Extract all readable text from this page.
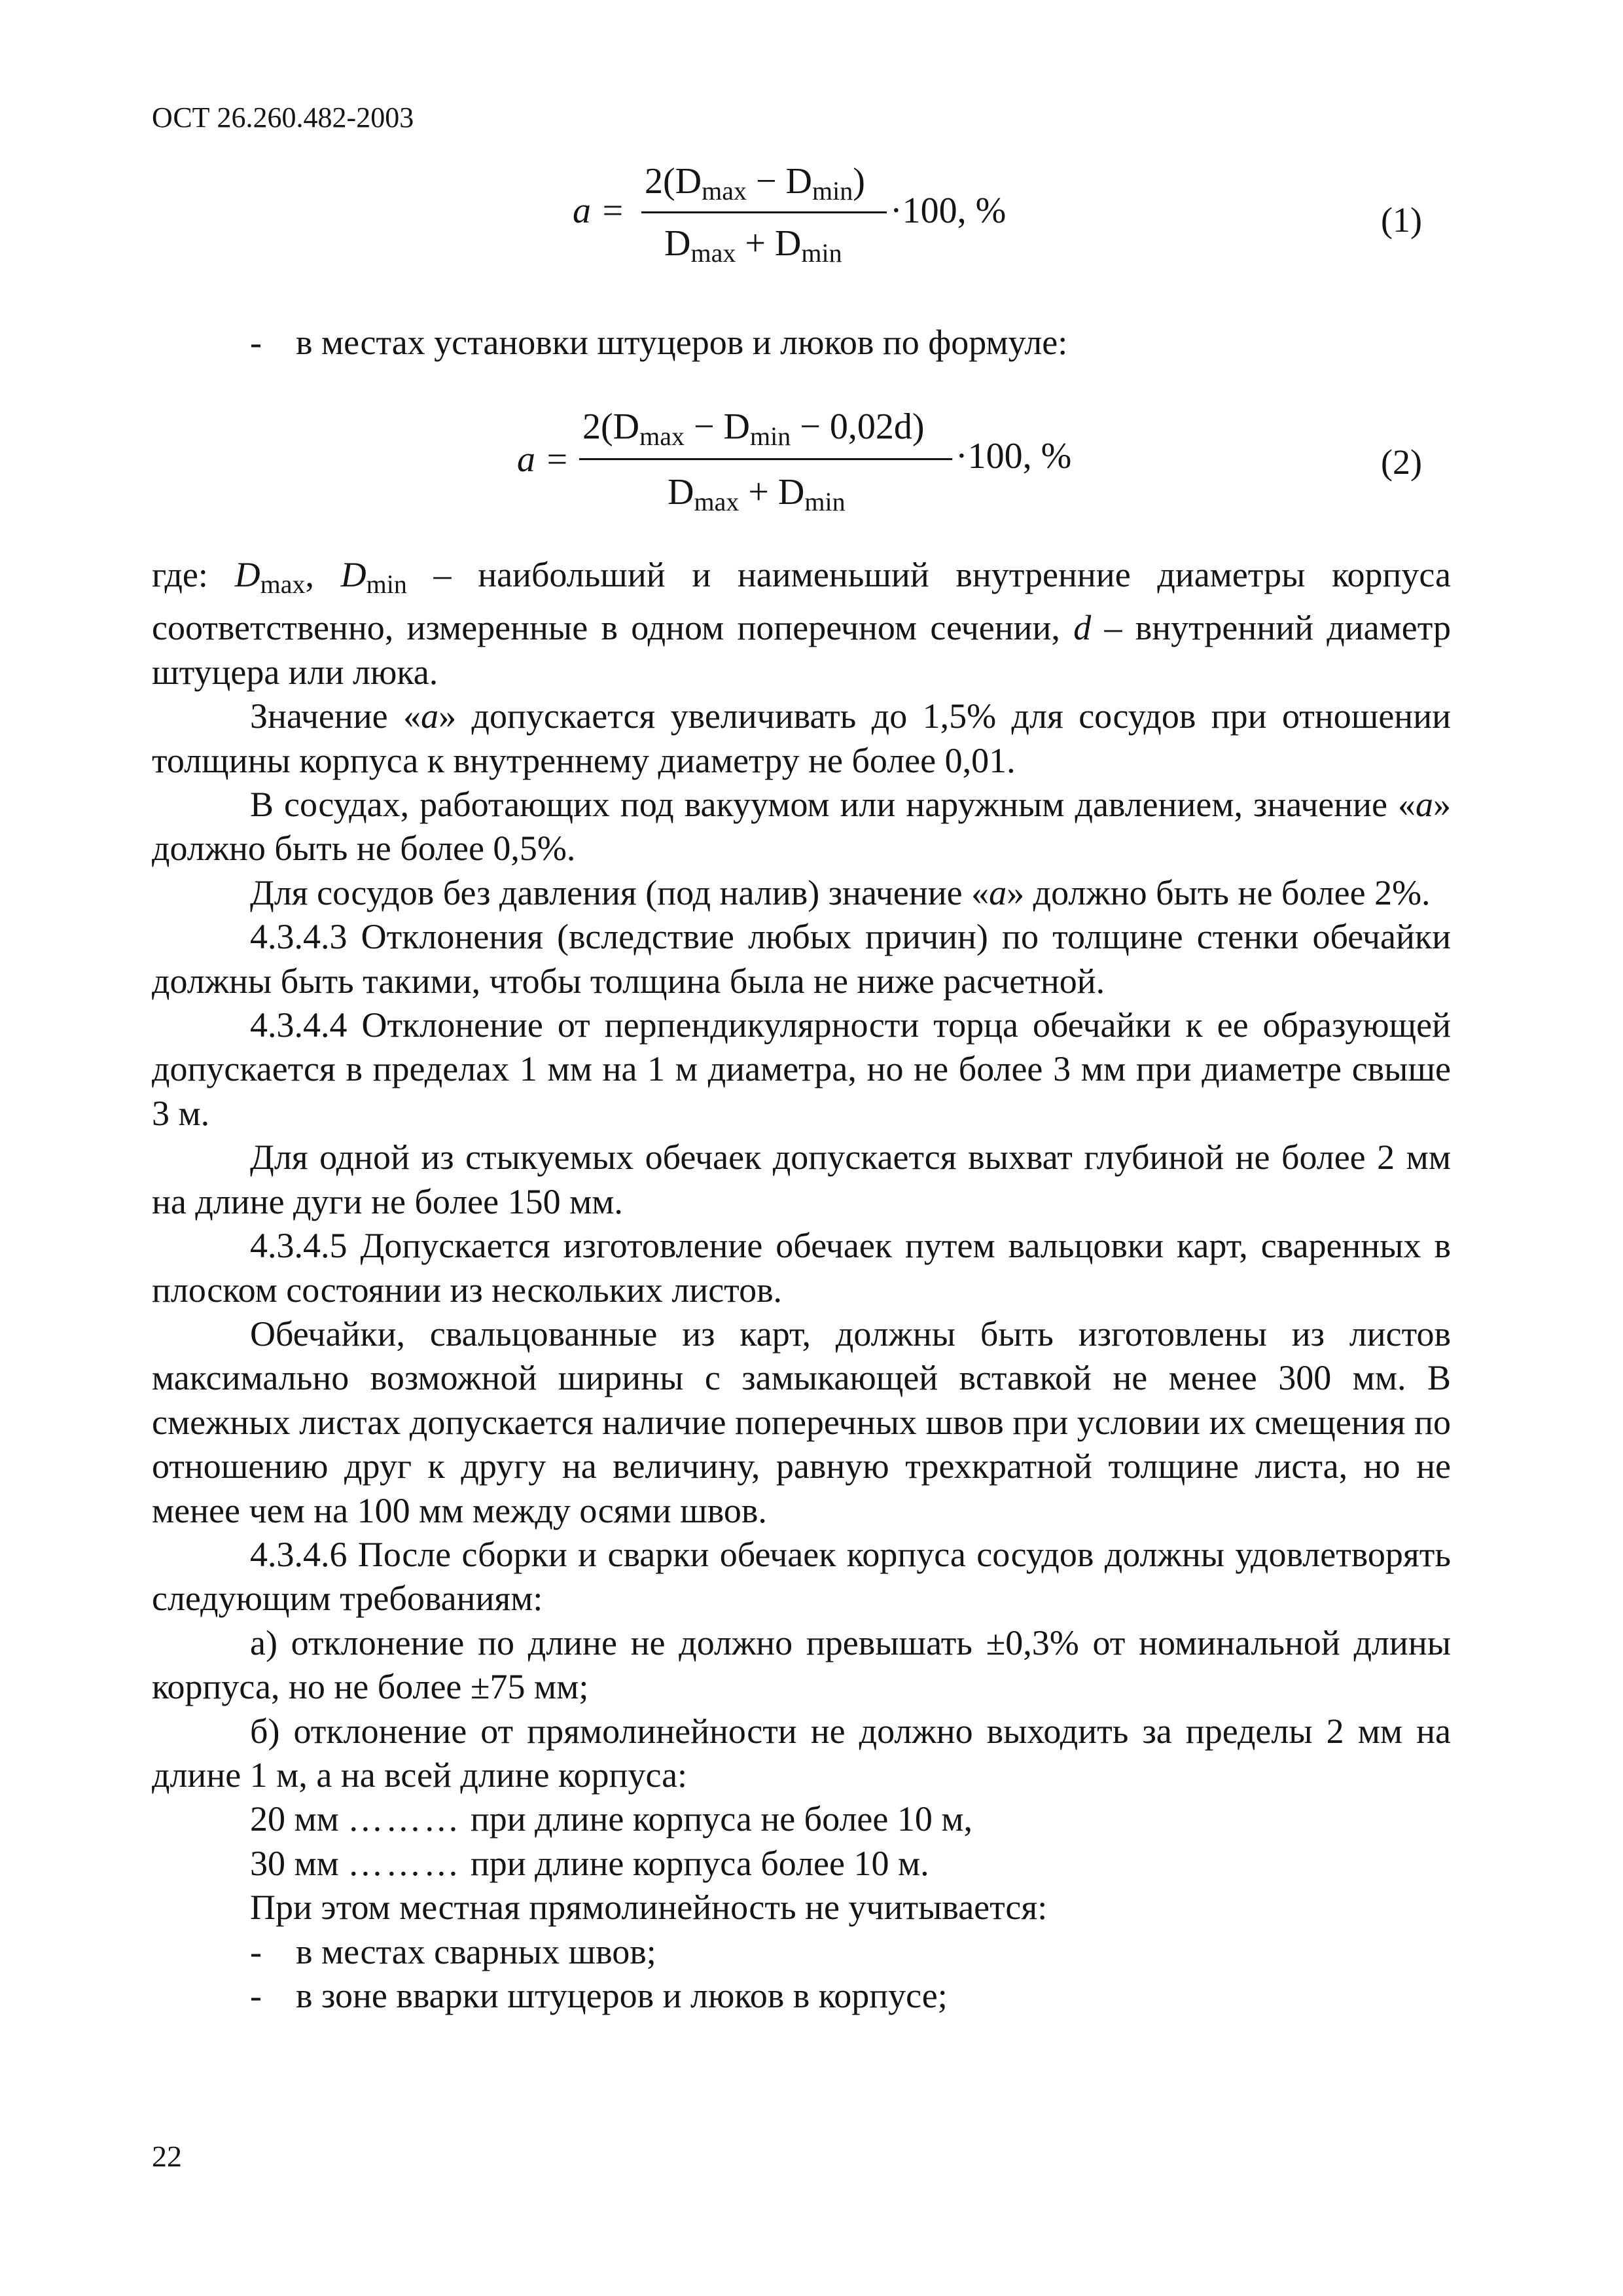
ОСТ 26.260.482-2003
a =
$2(D_{max} - D_{min})$
$D_{max} + D_{min}$
·100, %	(1)
- в местах установки штуцеров и люков по формуле:
a =
$2(D_{max} - D_{min} - 0,02d)$
$D_{max} + D_{min}$
·100, %	(2)

где: $D_{max}$, $D_{min}$ – наибольший и наименьший внутренние диаметры корпуса соответственно, измеренные в одном поперечном сечении, d – внутренний диаметр штуцера или люка.

Значение «a» допускается увеличивать до 1,5% для сосудов при отношении толщины корпуса к внутреннему диаметру не более 0,01.

В сосудах, работающих под вакуумом или наружным давлением, значение «a» должно быть не более 0,5%.

Для сосудов без давления (под налив) значение «a» должно быть не более 2%.

4.3.4.3 Отклонения (вследствие любых причин) по толщине стенки обечайки должны быть такими, чтобы толщина была не ниже расчетной.

4.3.4.4 Отклонение от перпендикулярности торца обечайки к ее образующей допускается в пределах 1 мм на 1 м диаметра, но не более 3 мм при диаметре свыше 3 м.

Для одной из стыкуемых обечаек допускается выхват глубиной не более 2 мм на длине дуги не более 150 мм.

4.3.4.5 Допускается изготовление обечаек путем вальцовки карт, сваренных в плоском состоянии из нескольких листов.

Обечайки, свальцованные из карт, должны быть изготовлены из листов максимально возможной ширины с замыкающей вставкой не менее 300 мм. В смежных листах допускается наличие поперечных швов при условии их смещения по отношению друг к другу на величину, равную трехкратной толщине листа, но не менее чем на 100 мм между осями швов.

4.3.4.6 После сборки и сварки обечаек корпуса сосудов должны удовлетворять следующим требованиям:

а) отклонение по длине не должно превышать ±0,3% от номинальной длины корпуса, но не более ±75 мм;

б) отклонение от прямолинейности не должно выходить за пределы 2 мм на длине 1 м, а на всей длине корпуса:

20 мм ……… при длине корпуса не более 10 м,

30 мм ……… при длине корпуса более 10 м.

При этом местная прямолинейность не учитывается:

- в местах сварных швов;

- в зоне вварки штуцеров и люков в корпусе;

22
